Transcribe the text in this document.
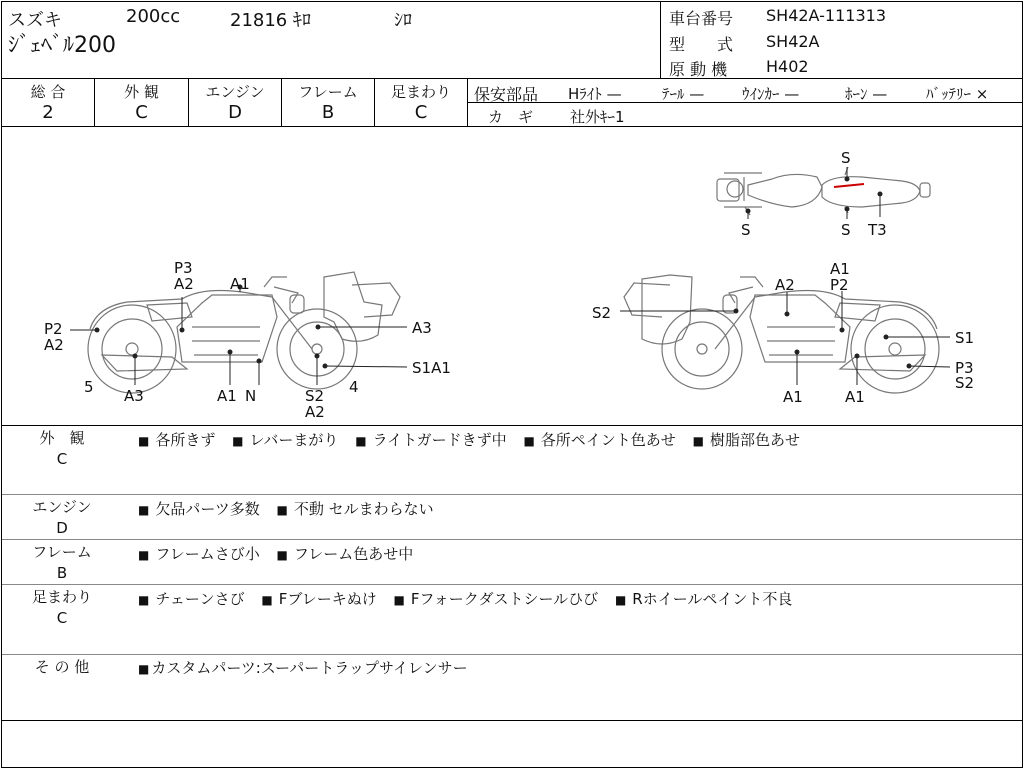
スズキ	200cc	21816 ｷﾛ	ｼﾛ
ｼﾞｪﾍﾞﾙ200
車台番号 SH42A-111313
型　　式 SH42A
原 動 機 H402
総 合
2
外 観
C
エンジン
D
フレーム
B
足まわり
C
保安部品 Hﾗｲﾄ —	ﾃｰﾙ —	ｳｲﾝｶｰ —	ﾎｰﾝ —	ﾊﾞｯﾃﾘｰ ×
カ　ギ 社外ｷｰ1
S
S	S T3
P3
A2 A1
P2
A2
A3
S1A1
5 A3	A1 N	S2
A2
4
A1
P2
A2
S2
S1
P3
S2
A1	A1
外　観
C
■ 各所きず ■ レバーまがり ■ ライトガードきず中 ■ 各所ペイント色あせ ■ 樹脂部色あせ
エンジン
D
■ 欠品パーツ多数 ■ 不動 セルまわらない
フレーム
B
■ フレームさび小 ■ フレーム色あせ中
足まわり
C
■ チェーンさび ■ Fブレーキぬけ ■ Fフォークダストシールひび ■ Rホイールペイント不良
そ の 他	■ カスタムパーツ:スーパートラップサイレンサー
